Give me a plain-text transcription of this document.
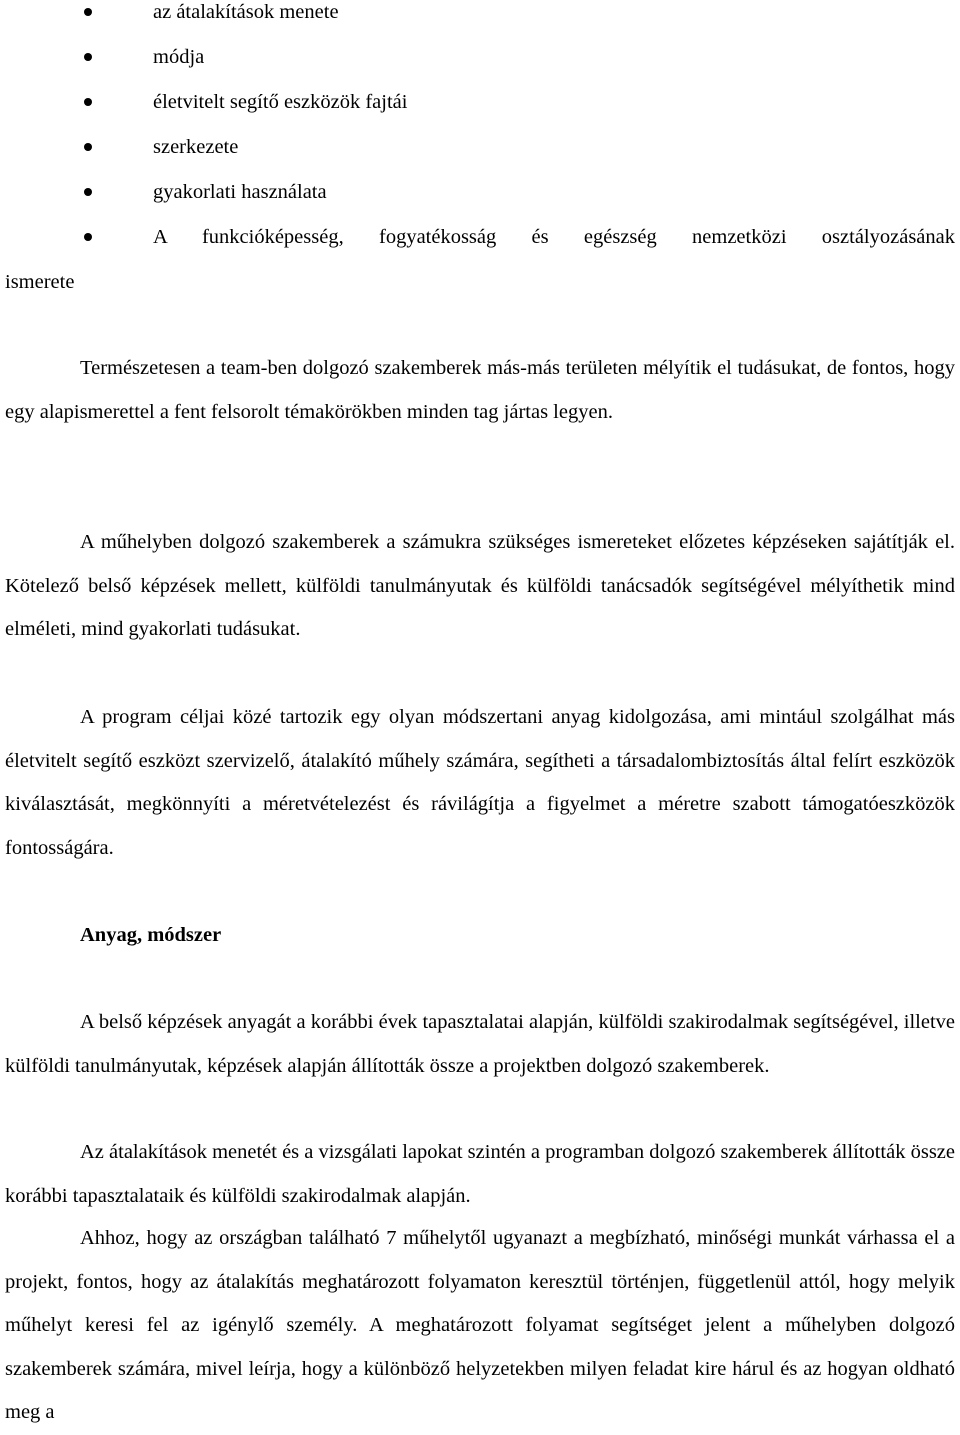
az átalakítások menete
módja
életvitelt segítő eszközök fajtái
szerkezete
gyakorlati használata
A funkcióképesség, fogyatékosság és egészség nemzetközi osztályozásának
ismerete

Természetesen a team-ben dolgozó szakemberek más-más területen mélyítik el tudásukat, de fontos, hogy egy alapismerettel a fent felsorolt témakörökben minden tag jártas legyen.

A műhelyben dolgozó szakemberek a számukra szükséges ismereteket előzetes képzéseken sajátítják el. Kötelező belső képzések mellett, külföldi tanulmányutak és külföldi tanácsadók segítségével mélyíthetik mind elméleti, mind gyakorlati tudásukat.

A program céljai közé tartozik egy olyan módszertani anyag kidolgozása, ami mintául szolgálhat más életvitelt segítő eszközt szervizelő, átalakító műhely számára, segítheti a társadalombiztosítás által felírt eszközök kiválasztását, megkönnyíti a méretvételezést és rávilágítja a figyelmet a méretre szabott támogatóeszközök fontosságára.

Anyag, módszer

A belső képzések anyagát a korábbi évek tapasztalatai alapján, külföldi szakirodalmak segítségével, illetve külföldi tanulmányutak, képzések alapján állították össze a projektben dolgozó szakemberek.

Az átalakítások menetét és a vizsgálati lapokat szintén a programban dolgozó szakemberek állították össze korábbi tapasztalataik és külföldi szakirodalmak alapján.

Ahhoz, hogy az országban található 7 műhelytől ugyanazt a megbízható, minőségi munkát várhassa el a projekt, fontos, hogy az átalakítás meghatározott folyamaton keresztül történjen, függetlenül attól, hogy melyik műhelyt keresi fel az igénylő személy. A meghatározott folyamat segítséget jelent a műhelyben dolgozó szakemberek számára, mivel leírja, hogy a különböző helyzetekben milyen feladat kire hárul és az hogyan oldható meg a
